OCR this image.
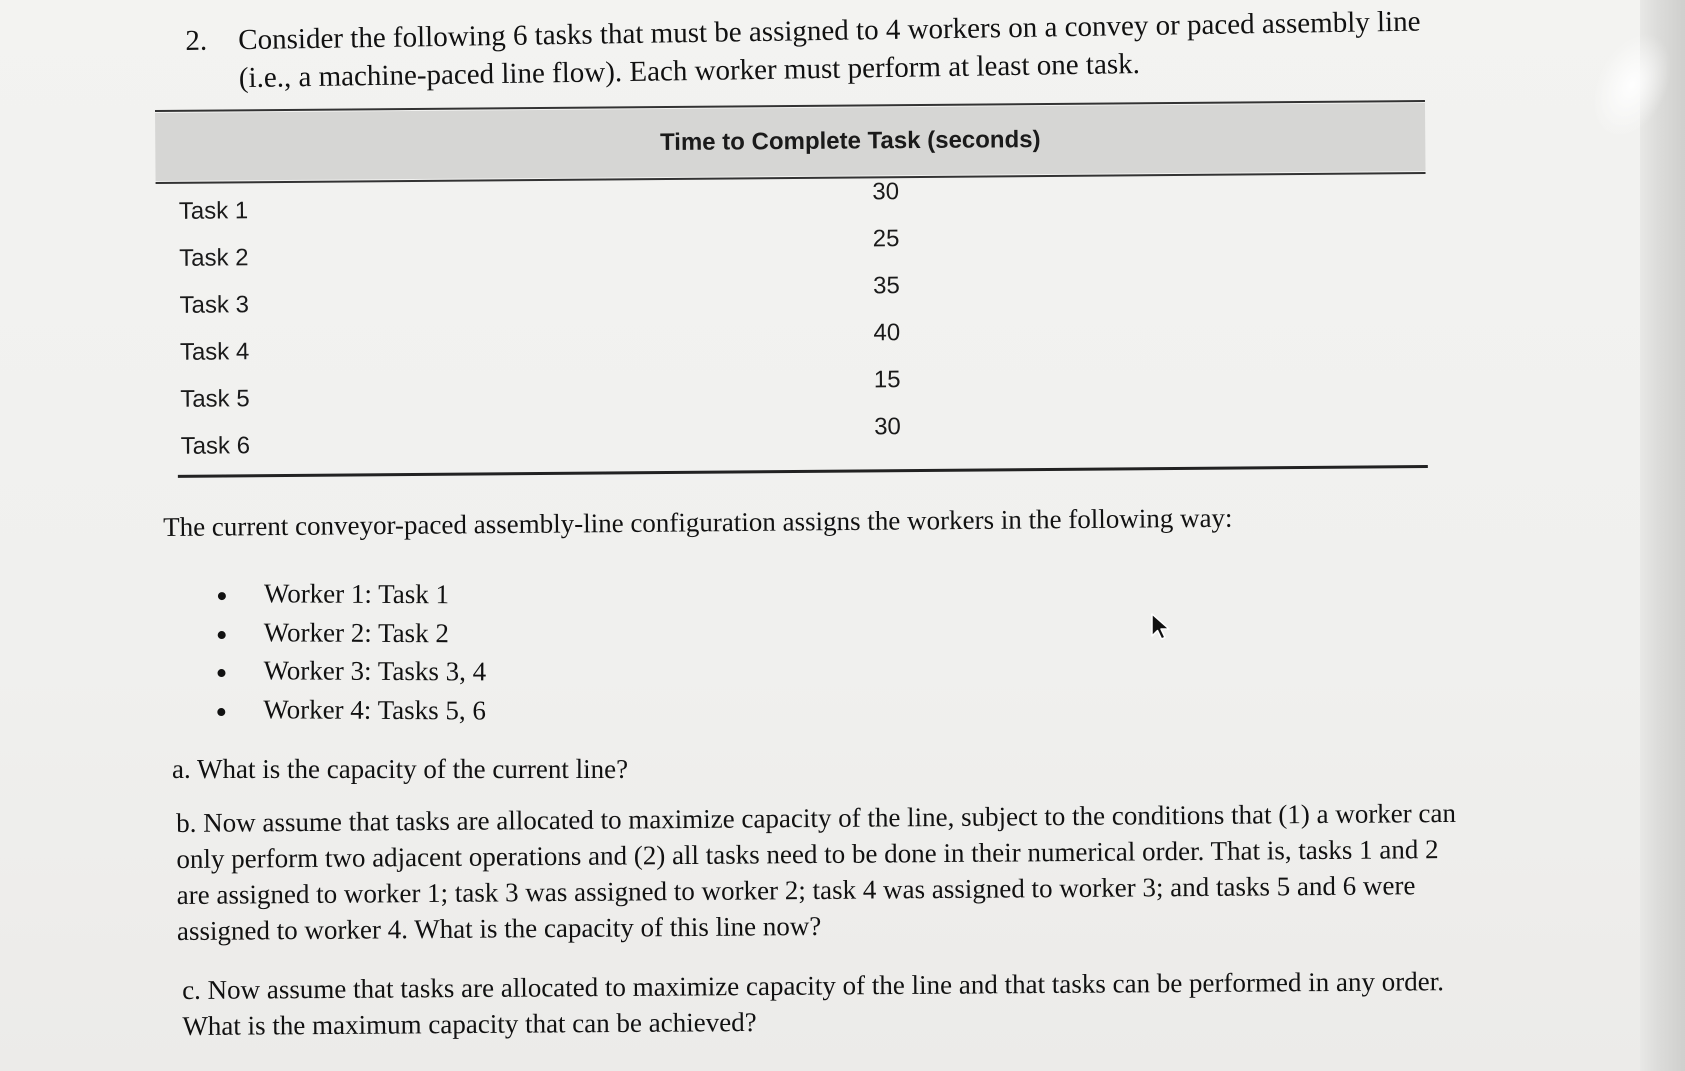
2. Consider the following 6 tasks that must be assigned to 4 workers on a convey or paced assembly line (i.e., a machine-paced line flow). Each worker must perform at least one task.
Time to Complete Task (seconds)
Task 1
30
Task 2
25
Task 3
35
Task 4
40
Task 5
15
Task 6
30
The current conveyor-paced assembly-line configuration assigns the workers in the following way:
Worker 1: Task 1
Worker 2: Task 2
Worker 3: Tasks 3, 4
Worker 4: Tasks 5, 6
a. What is the capacity of the current line?
b. Now assume that tasks are allocated to maximize capacity of the line, subject to the conditions that (1) a worker can only perform two adjacent operations and (2) all tasks need to be done in their numerical order. That is, tasks 1 and 2 are assigned to worker 1; task 3 was assigned to worker 2; task 4 was assigned to worker 3; and tasks 5 and 6 were assigned to worker 4. What is the capacity of this line now?
c. Now assume that tasks are allocated to maximize capacity of the line and that tasks can be performed in any order. What is the maximum capacity that can be achieved?
